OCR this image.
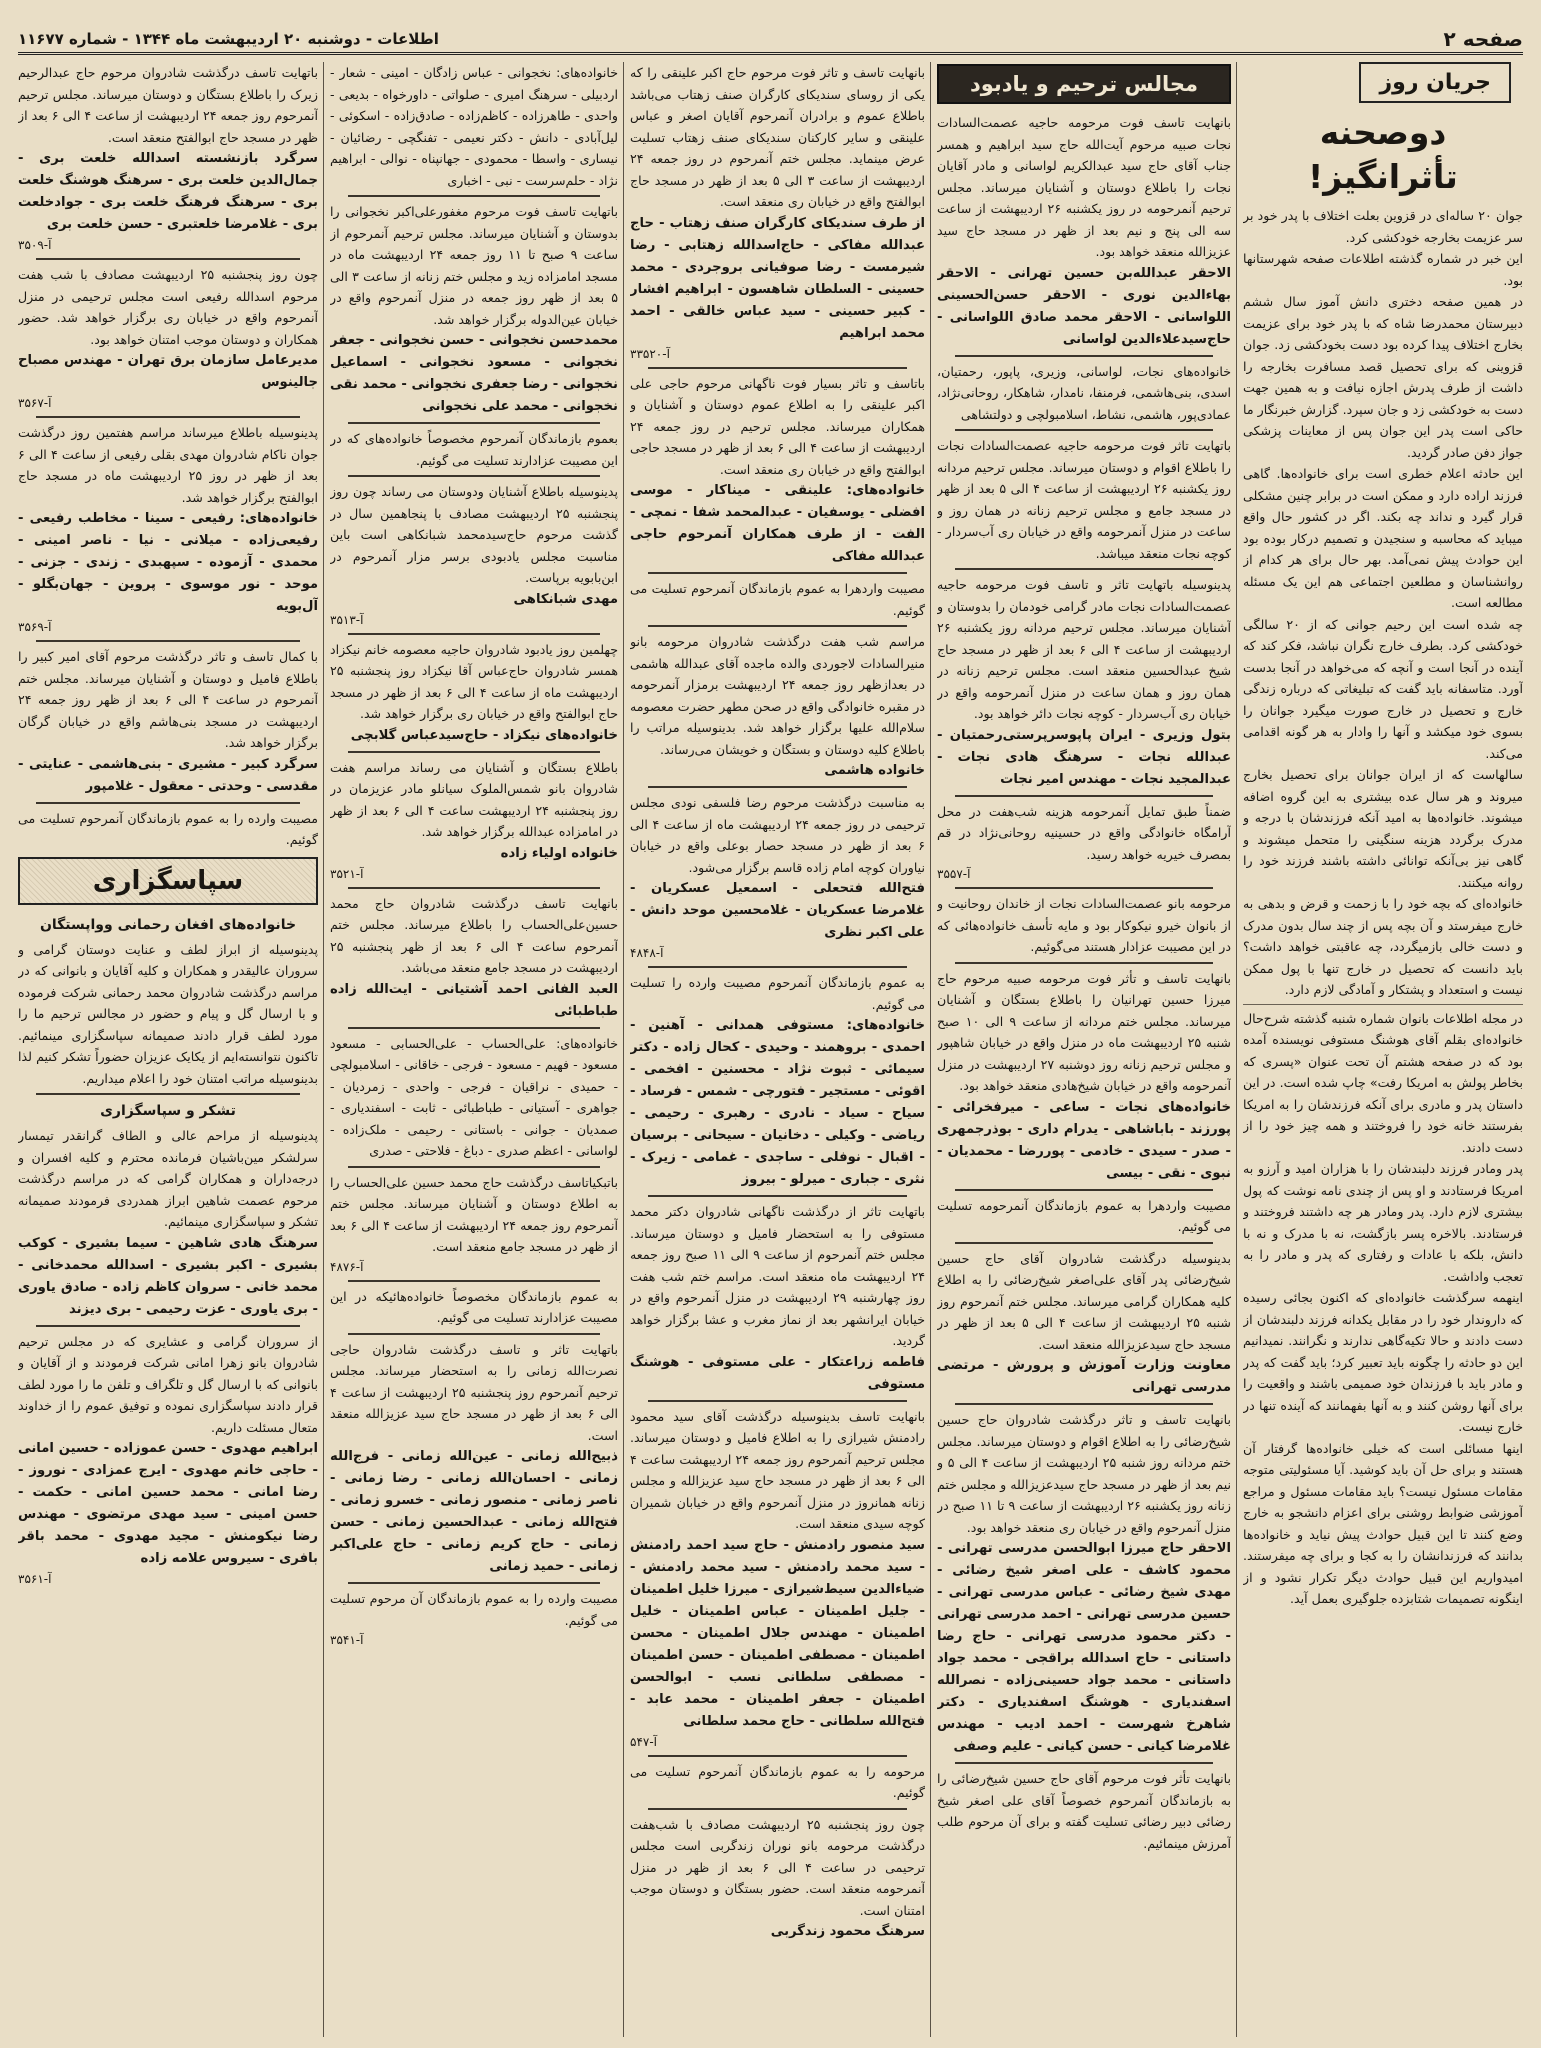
صفحه ۲
اطلاعات - دوشنبه ۲۰ اردیبهشت ماه ۱۳۴۴ - شماره ۱۱۶۷۷
جریان روز
دوصحنه تأثرانگیز!

جوان ۲۰ ساله‌ای در قزوین بعلت اختلاف با پدر خود بر سر عزیمت بخارجه خودکشی کرد.

این خبر در شماره گذشته اطلاعات صفحه شهرستانها بود.

در همین صفحه دختری دانش آموز سال ششم دبیرستان محمدرضا شاه که با پدر خود برای عزیمت بخارج اختلاف پیدا کرده بود دست بخودکشی زد. جوان قزوینی که برای تحصیل قصد مسافرت بخارجه را داشت از طرف پدرش اجازه نیافت و به همین جهت دست به خودکشی زد و جان سپرد. گزارش خبرنگار ما حاکی است پدر این جوان پس از معاینات پزشکی جواز دفن صادر گردید.

این حادثه اعلام خطری است برای خانواده‌ها. گاهی فرزند اراده دارد و ممکن است در برابر چنین مشکلی قرار گیرد و نداند چه بکند. اگر در کشور حال واقع میباید که محاسبه و سنجیدن و تصمیم درکار بوده بود این حوادث پیش نمی‌آمد. بهر حال برای هر کدام از روانشناسان و مطلعین اجتماعی هم این یک مسئله مطالعه است.

چه شده است این رحیم جوانی که از ۲۰ سالگی خودکشی کرد. بطرف خارج نگران نباشد، فکر کند که آینده در آنجا است و آنچه که می‌خواهد در آنجا بدست آورد. متاسفانه باید گفت که تبلیغاتی که درباره زندگی خارج و تحصیل در خارج صورت میگیرد جوانان را بسوی خود میکشد و آنها را وادار به هر گونه اقدامی می‌کند.

سالهاست که از ایران جوانان برای تحصیل بخارج میروند و هر سال عده بیشتری به این گروه اضافه میشوند. خانواده‌ها به امید آنکه فرزندشان با درجه و مدرک برگردد هزینه سنگینی را متحمل میشوند و گاهی نیز بی‌آنکه توانائی داشته باشند فرزند خود را روانه میکنند.

خانواده‌ای که بچه خود را با زحمت و قرض و بدهی به خارج میفرستد و آن بچه پس از چند سال بدون مدرک و دست خالی بازمیگردد، چه عاقبتی خواهد داشت؟ باید دانست که تحصیل در خارج تنها با پول ممکن نیست و استعداد و پشتکار و آمادگی لازم دارد.

در مجله اطلاعات بانوان شماره شنبه گذشته شرح‌حال خانواده‌ای بقلم آقای هوشنگ مستوفی نویسنده آمده بود که در صفحه هشتم آن تحت عنوان «پسری که بخاطر پولش به امریکا رفت» چاپ شده است. در این داستان پدر و مادری برای آنکه فرزندشان را به امریکا بفرستند خانه خود را فروختند و همه چیز خود را از دست دادند.

پدر ومادر فرزند دلبندشان را با هزاران امید و آرزو به امریکا فرستادند و او پس از چندی نامه نوشت که پول بیشتری لازم دارد. پدر ومادر هر چه داشتند فروختند و فرستادند. بالاخره پسر بازگشت، نه با مدرک و نه با دانش، بلکه با عادات و رفتاری که پدر و مادر را به تعجب واداشت.

اینهمه سرگذشت خانواده‌ای که اکنون بجائی رسیده که داروندار خود را در مقابل یکدانه فرزند دلبندشان از دست دادند و حالا تکیه‌گاهی ندارند و نگرانند. نمیدانیم این دو حادثه را چگونه باید تعبیر کرد؛ باید گفت که پدر و مادر باید با فرزندان خود صمیمی باشند و واقعیت را برای آنها روشن کنند و به آنها بفهمانند که آینده تنها در خارج نیست.

اینها مسائلی است که خیلی خانواده‌ها گرفتار آن هستند و برای حل آن باید کوشید. آیا مسئولیتی متوجه مقامات مسئول نیست؟ باید مقامات مسئول و مراجع آموزشی ضوابط روشنی برای اعزام دانشجو به خارج وضع کنند تا این قبیل حوادث پیش نیاید و خانواده‌ها بدانند که فرزندانشان را به کجا و برای چه میفرستند. امیدواریم این قبیل حوادث دیگر تکرار نشود و از اینگونه تصمیمات شتابزده جلوگیری بعمل آید.

مجالس ترحیم و یادبود

بانهایت تاسف فوت مرحومه حاجیه عصمت‌السادات نجات صبیه مرحوم آیت‌الله حاج سید ابراهیم و همسر جناب آقای حاج سید عبدالکریم لواسانی و مادر آقایان نجات را باطلاع دوستان و آشنایان میرساند. مجلس ترحیم آنمرحومه در روز یکشنبه ۲۶ اردیبهشت از ساعت سه الی پنج و نیم بعد از ظهر در مسجد حاج سید عزیزالله منعقد خواهد بود.

الاحقر عبدالله‌بن حسین تهرانی - الاحقر بهاءالدین نوری - الاحقر حسن‌الحسینی اللواسانی - الاحقر محمد صادق اللواسانی - حاج‌سیدعلاءالدین لواسانی

خانواده‌های نجات، لواسانی، وزیری، پاپور، رحمتیان، اسدی، بنی‌هاشمی، فرمنفا، نامدار، شاهکار، روحانی‌نژاد، عمادی‌پور، هاشمی، نشاط، اسلامبولچی و دولتشاهی

باتهایت تاثر فوت مرحومه حاجیه عصمت‌السادات نجات را باطلاع اقوام و دوستان میرساند. مجلس ترحیم مردانه روز یکشنبه ۲۶ اردیبهشت از ساعت ۴ الی ۵ بعد از ظهر در مسجد جامع و مجلس ترحیم زنانه در همان روز و ساعت در منزل آنمرحومه واقع در خیابان ری آب‌سردار - کوچه نجات منعقد میباشد.

پدینوسیله باتهایت تاثر و تاسف فوت مرحومه حاجیه عصمت‌السادات نجات مادر گرامی خودمان را بدوستان و آشنایان میرساند. مجلس ترحیم مردانه روز یکشنبه ۲۶ اردیبهشت از ساعت ۴ الی ۶ بعد از ظهر در مسجد حاج شیخ عبدالحسین منعقد است. مجلس ترحیم زنانه در همان روز و همان ساعت در منزل آنمرحومه واقع در خیابان ری آب‌سردار - کوچه نجات دائر خواهد بود.

بتول وزیری - ایران پاپوسرپرستی‌رحمتیان - عبدالله نجات - سرهنگ هادی نجات - عبدالمجید نجات - مهندس امیر نجات

ضمناً طبق تمایل آنمرحومه هزینه شب‌هفت در محل آرامگاه خانوادگی واقع در حسینیه روحانی‌نژاد در قم بمصرف خیریه خواهد رسید.

آ-۳۵۵۷

مرحومه بانو عصمت‌السادات نجات از خاندان روحانیت و از بانوان خیرو نیکوکار بود و مایه تأسف خانواده‌هائی که در این مصیبت عزادار هستند می‌گوئیم.

بانهایت تاسف و تأثر فوت مرحومه صبیه مرحوم حاج میرزا حسین تهرانیان را باطلاع بستگان و آشنایان میرساند. مجلس ختم مردانه از ساعت ۹ الی ۱۰ صبح شنبه ۲۵ اردیبهشت ماه در منزل واقع در خیابان شاهپور و مجلس ترحیم زنانه روز دوشنبه ۲۷ اردیبهشت در منزل آنمرحومه واقع در خیابان شیخ‌هادی منعقد خواهد بود.

خانواده‌های نجات - ساعی - میرفخرائی - پورزند - باباشاهی - یدرام داری - بوذرجمهری - صدر - سیدی - خادمی - پوررضا - محمدیان - نبوی - نقی - بیسی

مصیبت واردهرا به عموم بازماندگان آنمرحومه تسلیت می گوئیم.

بدینوسیله درگذشت شادروان آقای حاج حسین شیخ‌رضائی پدر آقای علی‌اصغر شیخ‌رضائی را به اطلاع کلیه همکاران گرامی میرساند. مجلس ختم آنمرحوم روز شنبه ۲۵ اردیبهشت از ساعت ۴ الی ۵ بعد از ظهر در مسجد حاج سیدعزیزالله منعقد است.

معاونت وزارت آموزش و پرورش - مرتضی مدرسی تهرانی

بانهایت تاسف و تاثر درگذشت شادروان حاج حسین شیخ‌رضائی را به اطلاع اقوام و دوستان میرساند. مجلس ختم مردانه روز شنبه ۲۵ اردیبهشت از ساعت ۴ الی ۵ و نیم بعد از ظهر در مسجد حاج سیدعزیزالله و مجلس ختم زنانه روز یکشنبه ۲۶ اردیبهشت از ساعت ۹ تا ۱۱ صبح در منزل آنمرحوم واقع در خیابان ری منعقد خواهد بود.

الاحقر حاج میرزا ابوالحسن مدرسی تهرانی - محمود کاشف - علی اصغر شیخ رضائی - مهدی شیخ رضائی - عباس مدرسی تهرانی - حسین مدرسی تهرانی - احمد مدرسی تهرانی - دکتر محمود مدرسی تهرانی - حاج رضا داستانی - حاج اسدالله براقجی - محمد جواد داستانی - محمد جواد حسینی‌زاده - نصرالله اسفندیاری - هوشنگ اسفندیاری - دکتر شاهرخ شهرست - احمد ادیب - مهندس غلامرضا کیانی - حسن کیانی - علیم وصفی

بانهایت تأثر فوت مرحوم آقای حاج حسین شیخ‌رضائی را به بازماندگان آنمرحوم خصوصاً آقای علی اصغر شیخ رضائی دبیر رضائی تسلیت گفته و برای آن مرحوم طلب آمرزش مینمائیم.

بانهایت تاسف و تاثر فوت مرحوم حاج اکبر علینقی را که یکی از روسای سندیکای کارگران صنف زهتاب می‌باشد باطلاع عموم و برادران آنمرحوم آقایان اصغر و عباس علینقی و سایر کارکنان سندیکای صنف زهتاب تسلیت عرض مینماید. مجلس ختم آنمرحوم در روز جمعه ۲۴ اردیبهشت از ساعت ۳ الی ۵ بعد از ظهر در مسجد حاج ابوالفتح واقع در خیابان ری منعقد است.

از طرف سندیکای کارگران صنف زهتاب - حاج عبدالله مفاکی - حاج‌اسدالله زهتابی - رضا شیرمست - رضا صوفیانی بروجردی - محمد حسینی - السلطان شاهسون - ابراهیم افشار - کبیر حسینی - سید عباس خالقی - احمد محمد ابراهیم

آ-۳۳۵۲۰

باتاسف و تاثر بسیار فوت ناگهانی مرحوم حاجی علی اکبر علینقی را به اطلاع عموم دوستان و آشنایان و همکاران میرساند. مجلس ترحیم در روز جمعه ۲۴ اردیبهشت از ساعت ۴ الی ۶ بعد از ظهر در مسجد حاجی ابوالفتح واقع در خیابان ری منعقد است.

خانواده‌های: علینقی - میناکار - موسی افضلی - یوسفیان - عبدالمحمد شفا - نمچی - الفت - از طرف همکاران آنمرحوم حاجی عبدالله مفاکی

مصیبت واردهرا به عموم بازماندگان آنمرحوم تسلیت می گوئیم.

مراسم شب هفت درگذشت شادروان مرحومه بانو منیرالسادات لاجوردی والده ماجده آقای عبدالله هاشمی در بعدازظهر روز جمعه ۲۴ اردیبهشت برمزار آنمرحومه در مقبره خانوادگی واقع در صحن مطهر حضرت معصومه سلام‌الله علیها برگزار خواهد شد. بدینوسیله مراتب را باطلاع کلیه دوستان و بستگان و خویشان می‌رساند.

خانواده هاشمی

به مناسبت درگذشت مرحوم رضا فلسفی نودی مجلس ترحیمی در روز جمعه ۲۴ اردیبهشت ماه از ساعت ۴ الی ۶ بعد از ظهر در مسجد حصار بوعلی واقع در خیابان نیاوران کوچه امام زاده قاسم برگزار می‌شود.

فتح‌الله فتحعلی - اسمعیل عسکریان - غلامرضا عسکریان - غلامحسین موحد دانش - علی اکبر نظری

آ-۴۸۴۸

به عموم بازماندگان آنمرحوم مصیبت وارده را تسلیت می گوئیم.

خانواده‌های: مستوفی همدانی - آهنین - احمدی - بروهمند - وحیدی - کحال زاده - دکتر سیمائی - ثبوت نژاد - محسنین - افخمی - اقوئی - مستجیر - فتورچی - شمس - فرساد - سیاح - سیاد - نادری - رهبری - رحیمی - ریاضی - وکیلی - دخانیان - سیحانی - برسیان - اقبال - نوفلی - ساجدی - غمامی - زیرک - نثری - جباری - میرلو - بیروز

باتهایت تاثر از درگذشت ناگهانی شادروان دکتر محمد مستوفی را به استحضار فامیل و دوستان میرساند. مجلس ختم آنمرحوم از ساعت ۹ الی ۱۱ صبح روز جمعه ۲۴ اردیبهشت ماه منعقد است. مراسم ختم شب هفت روز چهارشنبه ۲۹ اردیبهشت در منزل آنمرحوم واقع در خیابان ایرانشهر بعد از نماز مغرب و عشا برگزار خواهد گردید.

فاطمه زراعتکار - علی مستوفی - هوشنگ مستوفی

بانهایت تاسف بدینوسیله درگذشت آقای سید محمود رادمنش شیرازی را به اطلاع فامیل و دوستان میرساند. مجلس ترحیم آنمرحوم روز جمعه ۲۴ اردیبهشت ساعت ۴ الی ۶ بعد از ظهر در مسجد حاج سید عزیزالله و مجلس زنانه همانروز در منزل آنمرحوم واقع در خیابان شمیران کوچه سیدی منعقد است.

سید منصور رادمنش - حاج سید احمد رادمنش - سید محمد رادمنش - سید محمد رادمنش - ضیاءالدین سیط‌شیرازی - میرزا خلیل اطمینان - جلیل اطمینان - عباس اطمینان - خلیل اطمینان - مهندس جلال اطمینان - محسن اطمینان - مصطفی اطمینان - حسن اطمینان - مصطفی سلطانی نسب - ابوالحسن اطمینان - جعفر اطمینان - محمد عابد - فتح‌الله سلطانی - حاج محمد سلطانی

آ-۵۴۷

مرحومه را به عموم بازماندگان آنمرحوم تسلیت می گوئیم.

چون روز پنجشنبه ۲۵ اردیبهشت مصادف با شب‌هفت درگذشت مرحومه بانو نوران زندگربی است مجلس ترحیمی در ساعت ۴ الی ۶ بعد از ظهر در منزل آنمرحومه منعقد است. حضور بستگان و دوستان موجب امتنان است.

سرهنگ محمود زندگربی

خانواده‌های: نخجوانی - عباس زادگان - امینی - شعار - اردبیلی - سرهنگ امیری - صلواتی - داورخواه - بدیعی - واحدی - طاهرزاده - کاظم‌زاده - صادق‌زاده - اسکوئی - لیل‌آبادی - دانش - دکتر نعیمی - تفنگچی - رضائیان - نیساری - واسطا - محمودی - جهانپناه - نوالی - ابراهیم نژاد - حلم‌سرست - نبی - اخباری

باتهایت تاسف فوت مرحوم مغفورعلی‌اکبر نخجوانی را بدوستان و آشنایان میرساند. مجلس ترحیم آنمرحوم از ساعت ۹ صبح تا ۱۱ روز جمعه ۲۴ اردیبهشت ماه در مسجد امامزاده زید و مجلس ختم زنانه از ساعت ۳ الی ۵ بعد از ظهر روز جمعه در منزل آنمرحوم واقع در خیابان عین‌الدوله برگزار خواهد شد.

محمدحسن نخجوانی - حسن نخجوانی - جعفر نخجوانی - مسعود نخجوانی - اسماعیل نخجوانی - رضا جعفری نخجوانی - محمد نقی نخجوانی - محمد علی نخجوانی

بعموم بازماندگان آنمرحوم مخصوصاً خانواده‌های که در این مصیبت عزادارند تسلیت می گوئیم.

پدینوسیله باطلاع آشنایان ودوستان می رساند چون روز پنجشنبه ۲۵ اردیبهشت مصادف با پنجاهمین سال در گذشت مرحوم حاج‌سیدمحمد شبانکاهی است باین مناسبت مجلس یادبودی برسر مزار آنمرحوم در ابن‌بابویه برپاست.

مهدی شبانکاهی

آ-۳۵۱۳

چهلمین روز یادبود شادروان حاجیه معصومه خانم نیکزاد همسر شادروان حاج‌عباس آقا نیکزاد روز پنجشنبه ۲۵ اردیبهشت ماه از ساعت ۴ الی ۶ بعد از ظهر در مسجد حاج ابوالفتح واقع در خیابان ری برگزار خواهد شد.

خانواده‌های نیکزاد - حاج‌سیدعباس گلابچی

باطلاع بستگان و آشنایان می رساند مراسم هفت شادروان بانو شمس‌الملوک سیانلو مادر عزیزمان در روز پنجشنبه ۲۴ اردیبهشت ساعت ۴ الی ۶ بعد از ظهر در امامزاده عبدالله برگزار خواهد شد.

خانواده اولیاء زاده

آ-۳۵۲۱

بانهایت تاسف درگذشت شادروان حاج محمد حسین‌علی‌الحساب را باطلاع میرساند. مجلس ختم آنمرحوم ساعت ۴ الی ۶ بعد از ظهر پنجشنبه ۲۵ اردیبهشت در مسجد جامع منعقد می‌باشد.

العبد الفانی احمد آشتیانی - ایت‌الله زاده طباطبائی

خانواده‌های: علی‌الحساب - علی‌الحسابی - مسعود مسعود - فهیم - مسعود - فرجی - خاقانی - اسلامبولچی - حمیدی - نراقیان - فرجی - واحدی - زمردیان - جواهری - آستیانی - طباطبائی - ثابت - اسفندیاری - صمدیان - جوانی - باستانی - رحیمی - ملک‌زاده - لواسانی - اعظم صدری - دباغ - فلاحتی - صدری

باتبکیاتاسف درگذشت حاج محمد حسین علی‌الحساب را به اطلاع دوستان و آشنایان میرساند. مجلس ختم آنمرحوم روز جمعه ۲۴ اردیبهشت از ساعت ۴ الی ۶ بعد از ظهر در مسجد جامع منعقد است.

آ-۴۸۷۶

به عموم بازماندگان مخصوصاً خانواده‌هائیکه در این مصیبت عزادارند تسلیت می گوئیم.

باتهایت تاثر و تاسف درگذشت شادروان حاجی نصرت‌الله زمانی را به استحضار میرساند. مجلس ترحیم آنمرحوم روز پنجشنبه ۲۵ اردیبهشت از ساعت ۴ الی ۶ بعد از ظهر در مسجد حاج سید عزیزالله منعقد است.

ذبیح‌الله زمانی - عین‌الله زمانی - فرج‌الله زمانی - احسان‌الله زمانی - رضا زمانی - ناصر زمانی - منصور زمانی - خسرو زمانی - فتح‌الله زمانی - عبدالحسین زمانی - حسن زمانی - حاج کریم زمانی - حاج علی‌اکبر زمانی - حمید زمانی

مصیبت وارده را به عموم بازماندگان آن مرحوم تسلیت می گوئیم.

آ-۳۵۴۱

باتهایت تاسف درگذشت شادروان مرحوم حاج عبدالرحیم زیرک را باطلاع بستگان و دوستان میرساند. مجلس ترحیم آنمرحوم روز جمعه ۲۴ اردیبهشت از ساعت ۴ الی ۶ بعد از ظهر در مسجد حاج ابوالفتح منعقد است.

سرگرد بازنشسته اسدالله خلعت بری - جمال‌الدین خلعت بری - سرهنگ هوشنگ خلعت بری - سرهنگ فرهنگ خلعت بری - جوادخلعت بری - غلامرضا خلعتبری - حسن خلعت بری

آ-۳۵۰۹

چون روز پنجشنبه ۲۵ اردیبهشت مصادف با شب هفت مرحوم اسدالله رفیعی است مجلس ترحیمی در منزل آنمرحوم واقع در خیابان ری برگزار خواهد شد. حضور همکاران و دوستان موجب امتنان خواهد بود.

مدیرعامل سازمان برق تهران - مهندس مصباح جالینوس

آ-۳۵۶۷

پدینوسیله باطلاع میرساند مراسم هفتمین روز درگذشت جوان ناکام شادروان مهدی بقلی رفیعی از ساعت ۴ الی ۶ بعد از ظهر در روز ۲۵ اردیبهشت ماه در مسجد حاج ابوالفتح برگزار خواهد شد.

خانواده‌های: رفیعی - سینا - مخاطب رفیعی - رفیعی‌زاده - میلانی - نیا - ناصر امینی - محمدی - آزموده - سپهبدی - زندی - جزنی - موحد - نور موسوی - پروین - جهان‌بگلو - آل‌بویه

آ-۳۵۶۹

با کمال تاسف و تاثر درگذشت مرحوم آقای امیر کبیر را باطلاع فامیل و دوستان و آشنایان میرساند. مجلس ختم آنمرحوم در ساعت ۴ الی ۶ بعد از ظهر روز جمعه ۲۴ اردیبهشت در مسجد بنی‌هاشم واقع در خیابان گرگان برگزار خواهد شد.

سرگرد کبیر - مشیری - بنی‌هاشمی - عنایتی - مقدسی - وحدتی - معقول - غلامپور

مصیبت وارده را به عموم بازماندگان آنمرحوم تسلیت می گوئیم.

سپاسگزاری
خانواده‌های افغان رحمانی وواپستگان

پدینوسیله از ابراز لطف و عنایت دوستان گرامی و سروران عالیقدر و همکاران و کلیه آقایان و بانوانی که در مراسم درگذشت شادروان محمد رحمانی شرکت فرموده و با ارسال گل و پیام و حضور در مجالس ترحیم ما را مورد لطف قرار دادند صمیمانه سپاسگزاری مینمائیم. تاکنون نتوانسته‌ایم از یکایک عزیزان حضوراً تشکر کنیم لذا بدینوسیله مراتب امتنان خود را اعلام میداریم.

تشکر و سپاسگزاری

پدینوسیله از مراحم عالی و الطاف گرانقدر تیمسار سرلشکر مین‌باشیان فرمانده محترم و کلیه افسران و درجه‌داران و همکاران گرامی که در مراسم درگذشت مرحوم عصمت شاهین ابراز همدردی فرمودند صمیمانه تشکر و سپاسگزاری مینمائیم.

سرهنگ هادی شاهین - سیما بشیری - کوکب بشیری - اکبر بشیری - اسدالله محمدخانی - محمد خانی - سروان کاظم زاده - صادق یاوری - بری یاوری - عزت رحیمی - بری دیزند

از سروران گرامی و عشایری که در مجلس ترحیم شادروان بانو زهرا امانی شرکت فرمودند و از آقایان و بانوانی که با ارسال گل و تلگراف و تلفن ما را مورد لطف قرار دادند سپاسگزاری نموده و توفیق عموم را از خداوند متعال مسئلت داریم.

ابراهیم مهدوی - حسن عموزاده - حسین امانی - حاجی خانم مهدوی - ایرج عمزادی - نوروز - رضا امانی - محمد حسین امانی - حکمت - حسن امینی - سید مهدی مرتضوی - مهندس رضا نیکومنش - مجید مهدوی - محمد باقر بافری - سیروس علامه زاده

آ-۳۵۶۱
